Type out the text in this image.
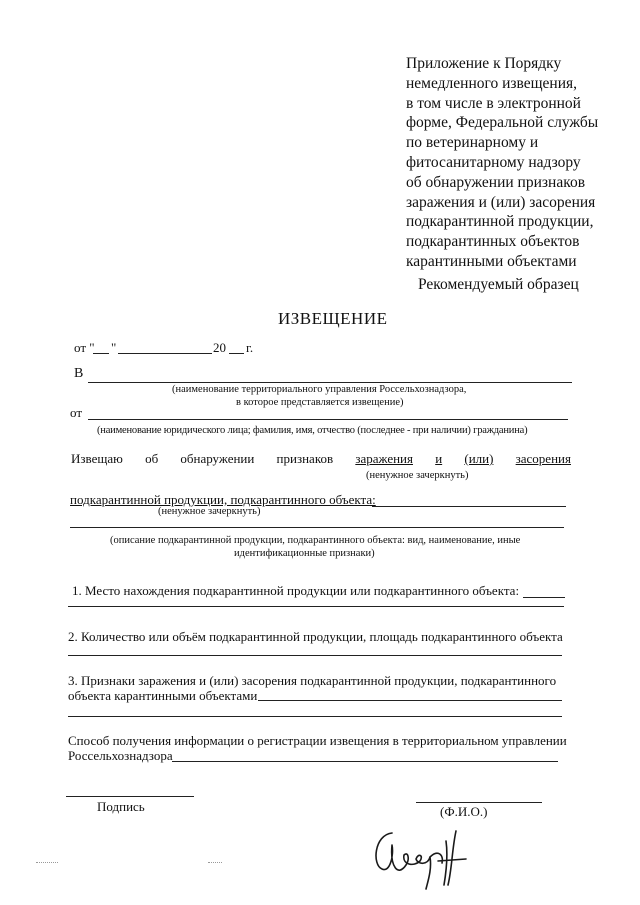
Приложение к Порядку
немедленного извещения,
в том числе в электронной
форме, Федеральной службы
по ветеринарному и
фитосанитарному надзору
об обнаружении признаков
заражения и (или) засорения
подкарантинной продукции,
подкарантинных объектов
карантинными объектами
Рекомендуемый образец
ИЗВЕЩЕНИЕ
от " "	20 г.
В
(наименование территориального управления Россельхознадзора,
в которое представляется извещение)
от
(наименование юридического лица; фамилия, имя, отчество (последнее - при наличии) гражданина)
Извещаю об обнаружении признаков заражения и (или) засорения
(ненужное зачеркнуть)
подкарантинной продукции, подкарантинного объекта:
(ненужное зачеркнуть)
(описание подкарантинной продукции, подкарантинного объекта: вид, наименование, иные
идентификационные признаки)
1. Место нахождения подкарантинной продукции или подкарантинного объекта:
2. Количество или объём подкарантинной продукции, площадь подкарантинного объекта
3. Признаки заражения и (или) засорения подкарантинной продукции, подкарантинного
объекта карантинными объектами
Способ получения информации о регистрации извещения в территориальном управлении
Россельхознадзора
Подпись	(Ф.И.О.)
